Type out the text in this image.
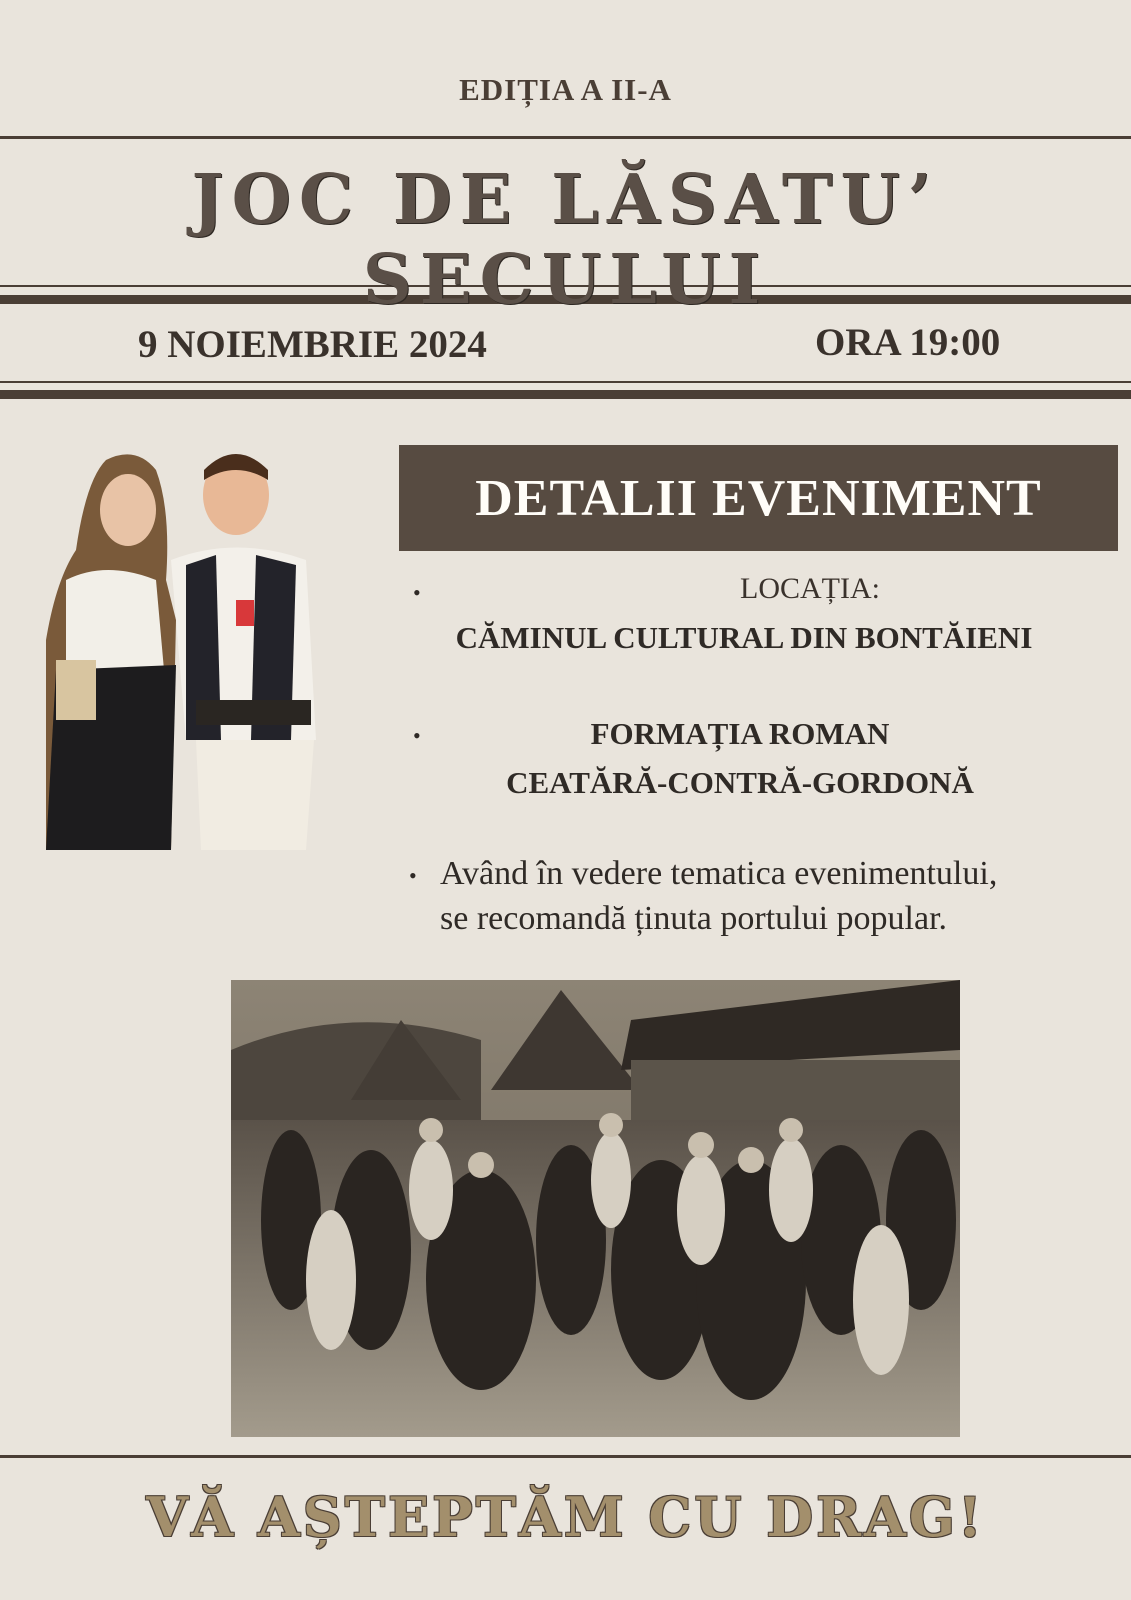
EDIȚIA A II-A
JOC DE LĂSATU’ SECULUI
9 NOIEMBRIE 2024	ORA 19:00
DETALII EVENIMENT
•	LOCAȚIA:
CĂMINUL CULTURAL DIN BONTĂIENI
•	FORMAȚIA ROMAN
CEATĂRĂ-CONTRĂ-GORDONĂ
• Având în vedere tematica evenimentului,
se recomandă ținuta portului popular.
VĂ AȘTEPTĂM CU DRAG!
